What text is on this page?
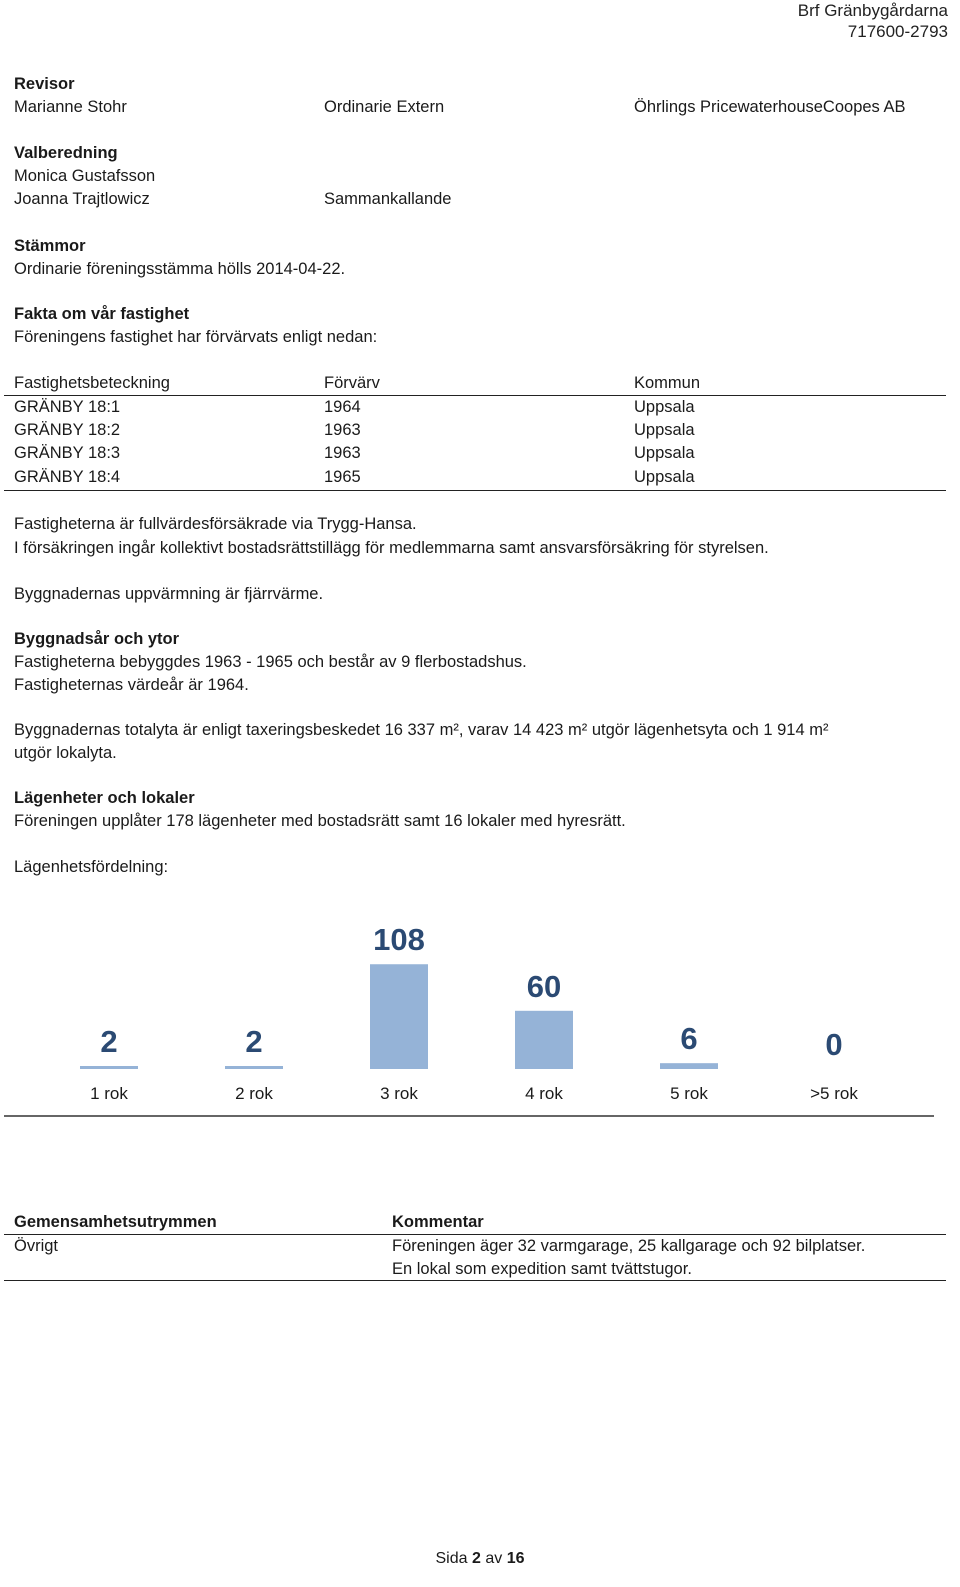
Brf Gränbygårdarna
717600-2793
Revisor
Marianne Stohr	Ordinarie Extern	Öhrlings PricewaterhouseCoopes AB
Valberedning
Monica Gustafsson
Joanna Trajtlowicz	Sammankallande
Stämmor
Ordinarie föreningsstämma hölls 2014-04-22.
Fakta om vår fastighet
Föreningens fastighet har förvärvats enligt nedan:
Fastighetsbeteckning	Förvärv	Kommun
GRÄNBY 18:1	1964	Uppsala
GRÄNBY 18:2	1963	Uppsala
GRÄNBY 18:3	1963	Uppsala
GRÄNBY 18:4	1965	Uppsala
Fastigheterna är fullvärdesförsäkrade via Trygg-Hansa.
I försäkringen ingår kollektivt bostadsrättstillägg för medlemmarna samt ansvarsförsäkring för styrelsen.
Byggnadernas uppvärmning är fjärrvärme.
Byggnadsår och ytor
Fastigheterna bebyggdes 1963 - 1965 och består av 9 flerbostadshus.
Fastigheternas värdeår är 1964.
Byggnadernas totalyta är enligt taxeringsbeskedet 16 337 m², varav 14 423 m² utgör lägenhetsyta och 1 914 m²
utgör lokalyta.
Lägenheter och lokaler
Föreningen upplåter 178 lägenheter med bostadsrätt samt 16 lokaler med hyresrätt.
Lägenhetsfördelning:
2
1 rok
2
2 rok
108
3 rok
60
4 rok
6
5 rok
0
>5 rok
Gemensamhetsutrymmen	Kommentar
Övrigt	Föreningen äger 32 varmgarage, 25 kallgarage och 92 bilplatser.
En lokal som expedition samt tvättstugor.
Sida 2 av 16
